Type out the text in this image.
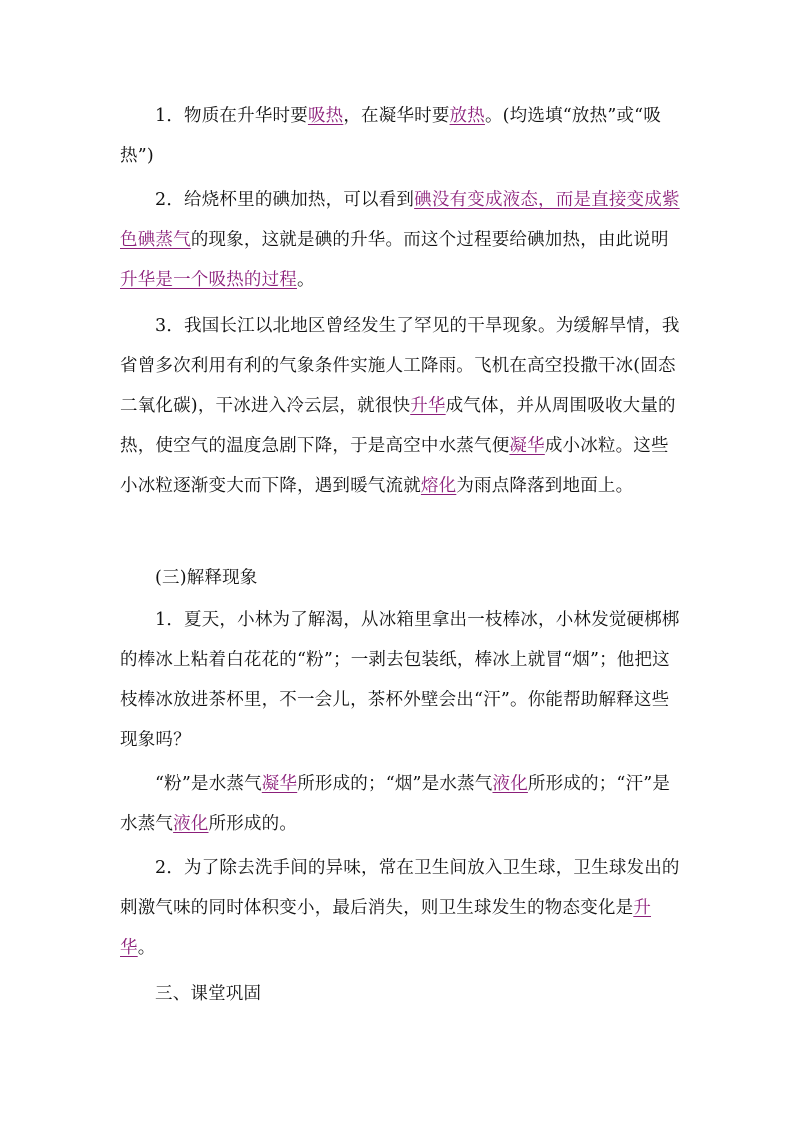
1．物质在升华时要吸热，在凝华时要放热。(均选填“放热”或“吸热”)

2．给烧杯里的碘加热，可以看到碘没有变成液态，而是直接变成紫色碘蒸气的现象，这就是碘的升华。而这个过程要给碘加热，由此说明升华是一个吸热的过程。

3．我国长江以北地区曾经发生了罕见的干旱现象。为缓解旱情，我省曾多次利用有利的气象条件实施人工降雨。飞机在高空投撒干冰(固态二氧化碳)，干冰进入冷云层，就很快升华成气体，并从周围吸收大量的热，使空气的温度急剧下降，于是高空中水蒸气便凝华成小冰粒。这些小冰粒逐渐变大而下降，遇到暖气流就熔化为雨点降落到地面上。

(三)解释现象

1．夏天，小林为了解渴，从冰箱里拿出一枝棒冰，小林发觉硬梆梆的棒冰上粘着白花花的“粉”；一剥去包装纸，棒冰上就冒“烟”；他把这枝棒冰放进茶杯里，不一会儿，茶杯外壁会出“汗”。你能帮助解释这些现象吗？

“粉”是水蒸气凝华所形成的；“烟”是水蒸气液化所形成的；“汗”是水蒸气液化所形成的。

2．为了除去洗手间的异味，常在卫生间放入卫生球，卫生球发出的刺激气味的同时体积变小，最后消失，则卫生球发生的物态变化是升华。

三、课堂巩固
